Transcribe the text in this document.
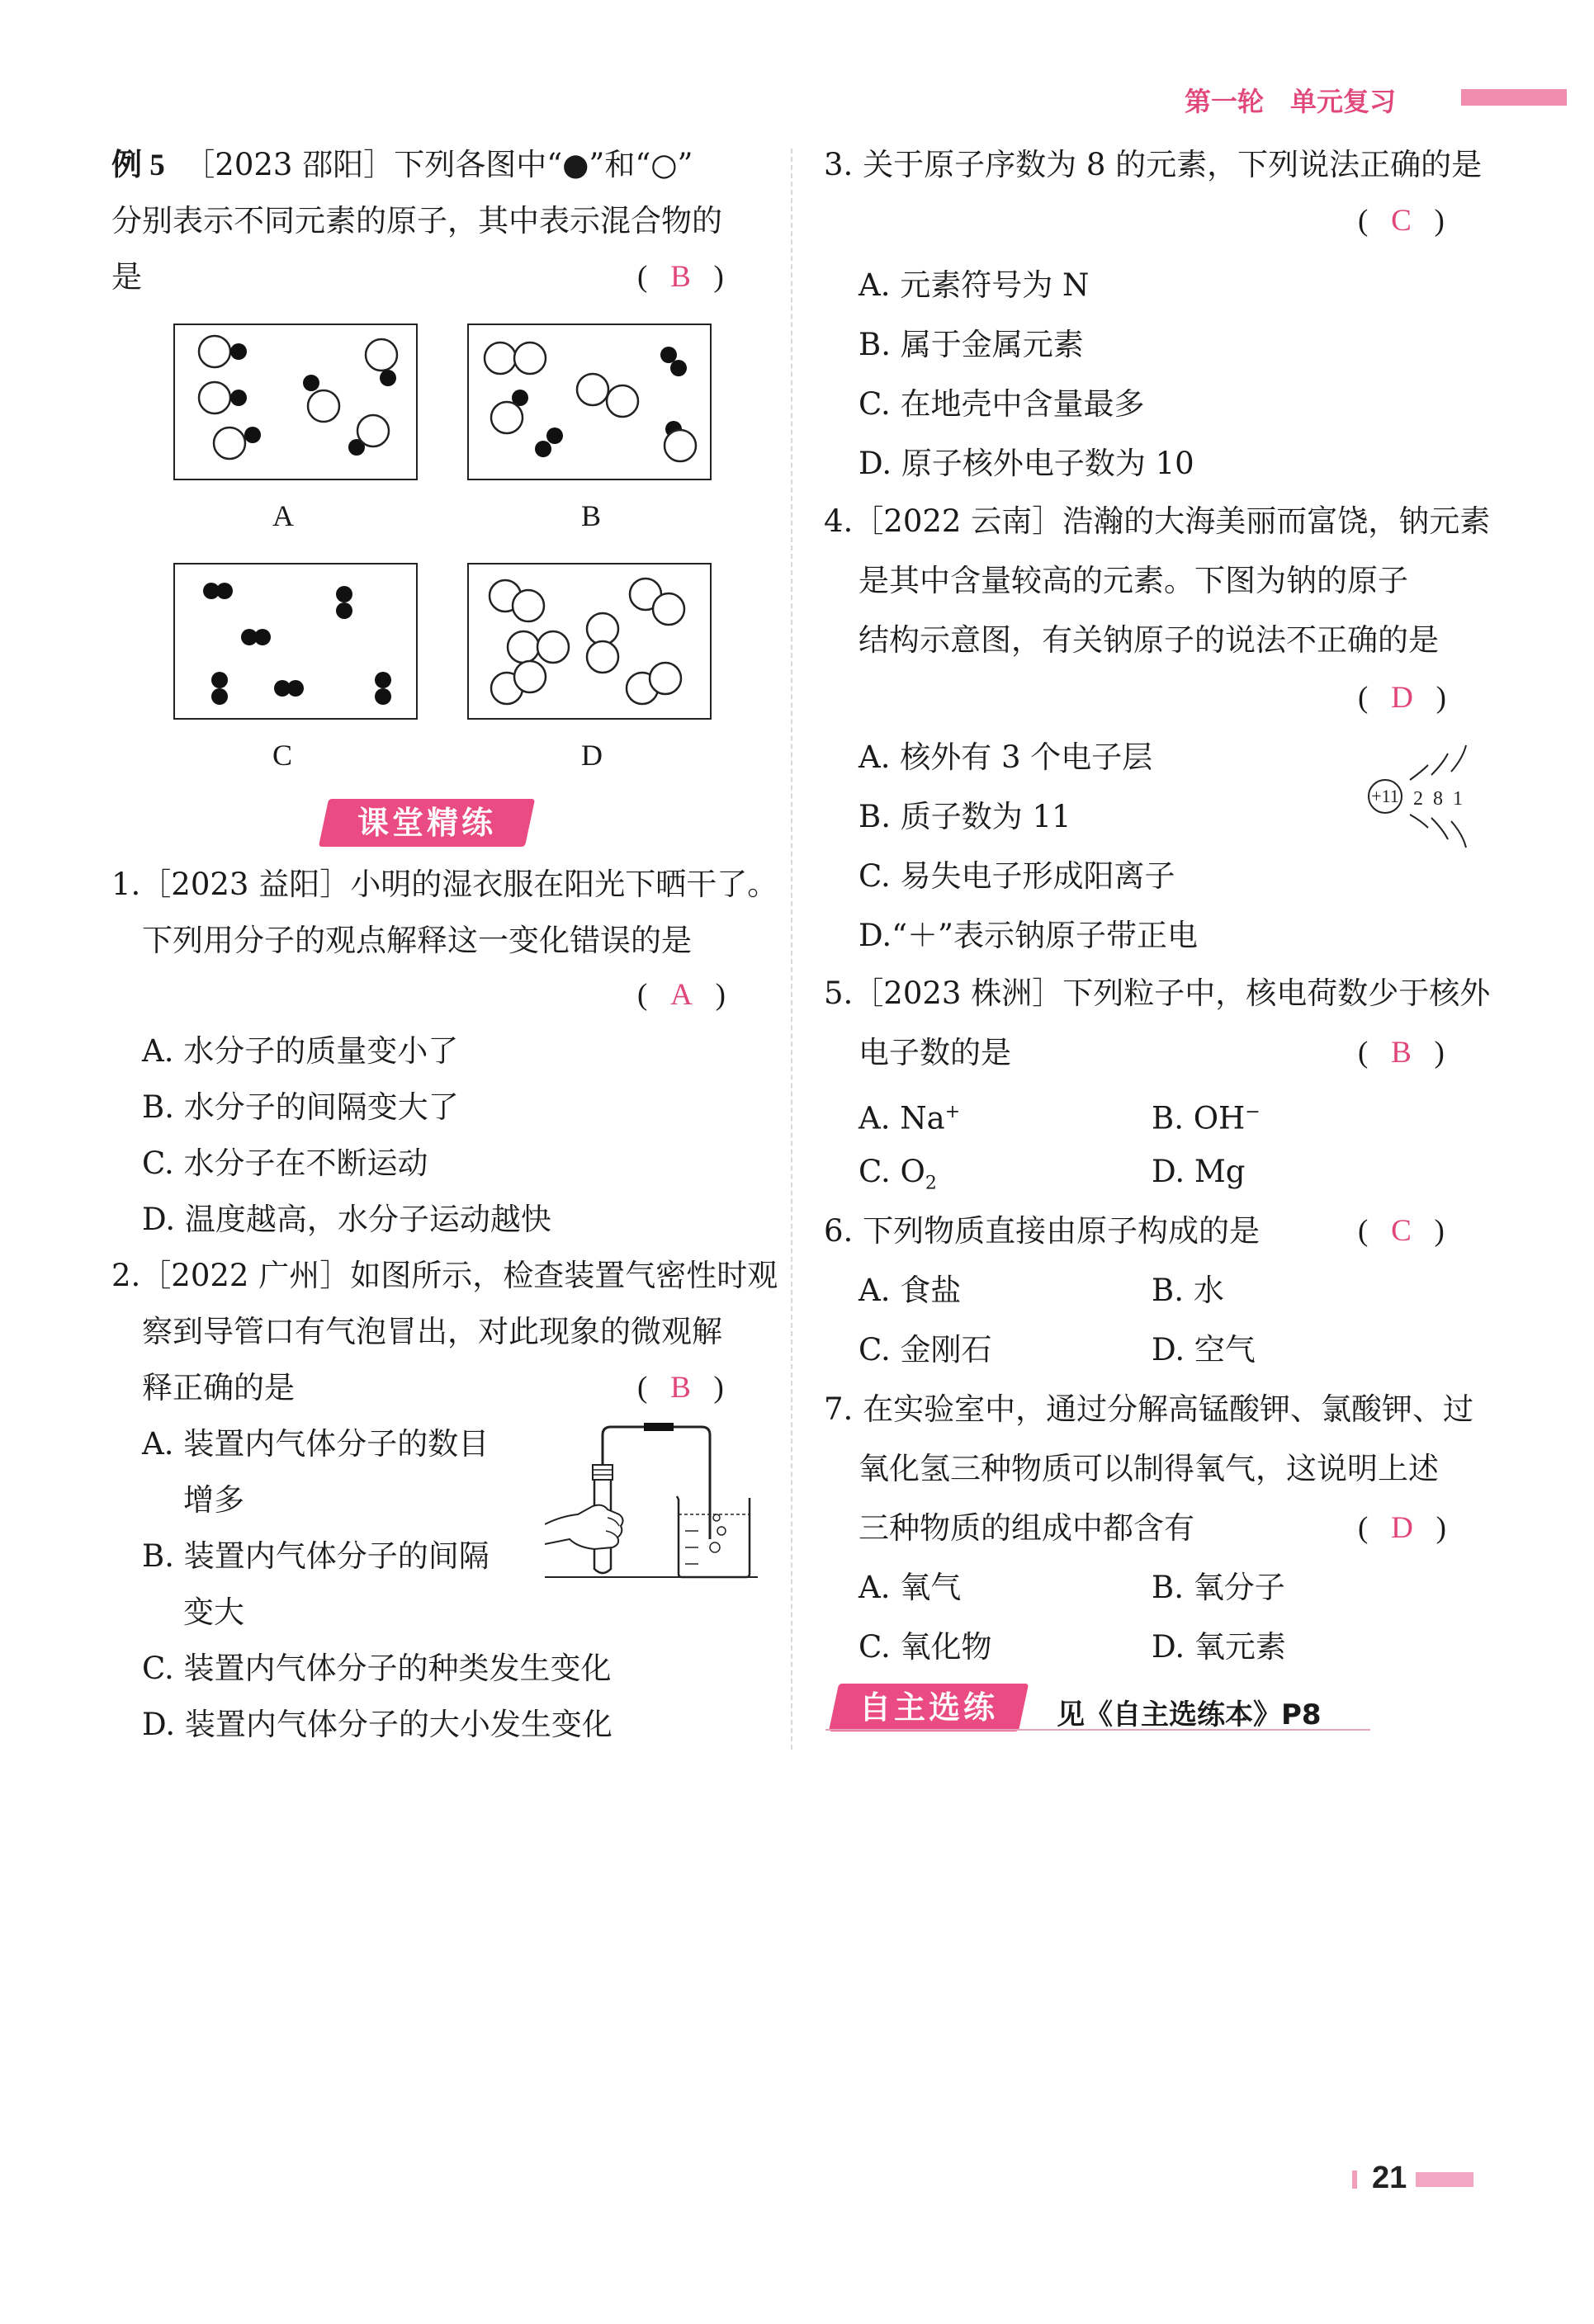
第一轮　单元复习
例 5 ［2023 邵阳］下列各图中“●”和“○”
分别表示不同元素的原子，其中表示混合物的
是	(   B   )
A	B
C	D
课堂精练
1.［2023 益阳］小明的湿衣服在阳光下晒干了。
下列用分子的观点解释这一变化错误的是
(   A   )
A. 水分子的质量变小了
B. 水分子的间隔变大了
C. 水分子在不断运动
D. 温度越高，水分子运动越快
2.［2022 广州］如图所示，检查装置气密性时观
察到导管口有气泡冒出，对此现象的微观解
释正确的是	(   B   )
A. 装置内气体分子的数目
增多
B. 装置内气体分子的间隔
变大
C. 装置内气体分子的种类发生变化
D. 装置内气体分子的大小发生变化
3. 关于原子序数为 8 的元素，下列说法正确的是
(   C   )
A. 元素符号为 N
B. 属于金属元素
C. 在地壳中含量最多
D. 原子核外电子数为 10
4.［2022 云南］浩瀚的大海美丽而富饶，钠元素
是其中含量较高的元素。下图为钠的原子
结构示意图，有关钠原子的说法不正确的是
(   D   )
A. 核外有 3 个电子层
B. 质子数为 11
C. 易失电子形成阳离子
D.“＋”表示钠原子带正电
+11 2 8 1
5.［2023 株洲］下列粒子中，核电荷数少于核外
电子数的是	(   B   )
A. Na+	B. OH−
C. $O_2$	D. Mg
6. 下列物质直接由原子构成的是	(   C   )
A. 食盐	B. 水
C. 金刚石	D. 空气
7. 在实验室中，通过分解高锰酸钾、氯酸钾、过
氧化氢三种物质可以制得氧气，这说明上述
三种物质的组成中都含有	(   D   )
A. 氧气	B. 氧分子
C. 氧化物	D. 氧元素
自主选练	见《自主选练本》P8
21
